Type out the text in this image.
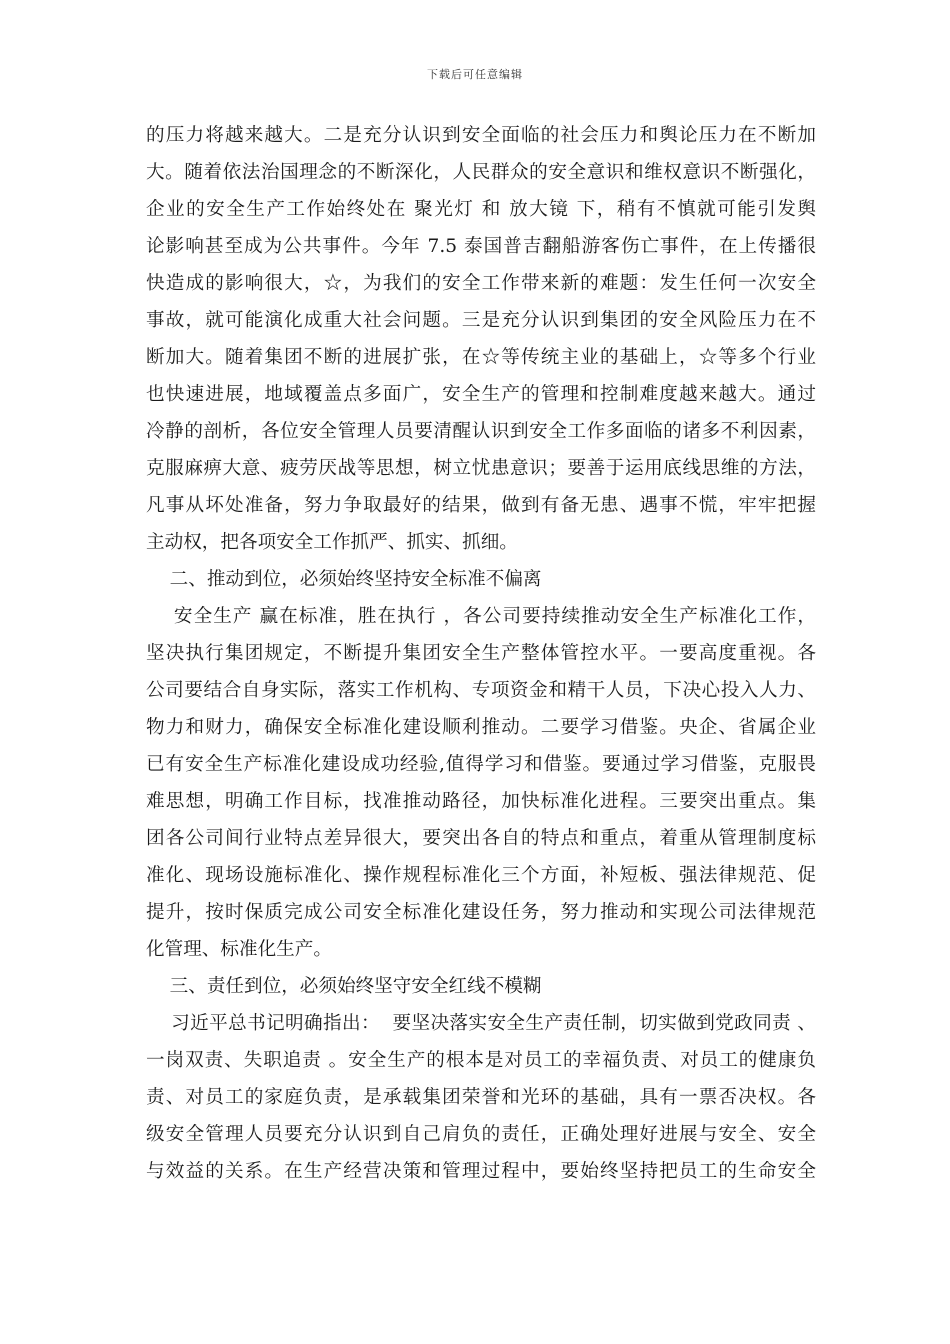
下载后可任意编辑
的压力将越来越大。二是充分认识到安全面临的社会压力和舆论压力在不断加
大。随着依法治国理念的不断深化，人民群众的安全意识和维权意识不断强化，
企业的安全生产工作始终处在 聚光灯 和 放大镜 下，稍有不慎就可能引发舆
论影响甚至成为公共事件。今年 7.5 泰国普吉翻船游客伤亡事件，在上传播很
快造成的影响很大，☆，为我们的安全工作带来新的难题：发生任何一次安全
事故，就可能演化成重大社会问题。三是充分认识到集团的安全风险压力在不
断加大。随着集团不断的进展扩张，在☆等传统主业的基础上，☆等多个行业
也快速进展，地域覆盖点多面广，安全生产的管理和控制难度越来越大。通过
冷静的剖析，各位安全管理人员要清醒认识到安全工作多面临的诸多不利因素，
克服麻痹大意、疲劳厌战等思想，树立忧患意识；要善于运用底线思维的方法，
凡事从坏处准备，努力争取最好的结果，做到有备无患、遇事不慌，牢牢把握
主动权，把各项安全工作抓严、抓实、抓细。
二、推动到位，必须始终坚持安全标准不偏离
安全生产 赢在标准，胜在执行 ，各公司要持续推动安全生产标准化工作，
坚决执行集团规定，不断提升集团安全生产整体管控水平。一要高度重视。各
公司要结合自身实际，落实工作机构、专项资金和精干人员，下决心投入人力、
物力和财力，确保安全标准化建设顺利推动。二要学习借鉴。央企、省属企业
已有安全生产标准化建设成功经验,值得学习和借鉴。要通过学习借鉴，克服畏
难思想，明确工作目标，找准推动路径，加快标准化进程。三要突出重点。集
团各公司间行业特点差异很大，要突出各自的特点和重点，着重从管理制度标
准化、现场设施标准化、操作规程标准化三个方面，补短板、强法律规范、促
提升，按时保质完成公司安全标准化建设任务，努力推动和实现公司法律规范
化管理、标准化生产。
三、责任到位，必须始终坚守安全红线不模糊
习近平总书记明确指出：  要坚决落实安全生产责任制，切实做到党政同责 、
一岗双责、失职追责 。安全生产的根本是对员工的幸福负责、对员工的健康负
责、对员工的家庭负责，是承载集团荣誉和光环的基础，具有一票否决权。各
级安全管理人员要充分认识到自己肩负的责任，正确处理好进展与安全、安全
与效益的关系。在生产经营决策和管理过程中，要始终坚持把员工的生命安全
